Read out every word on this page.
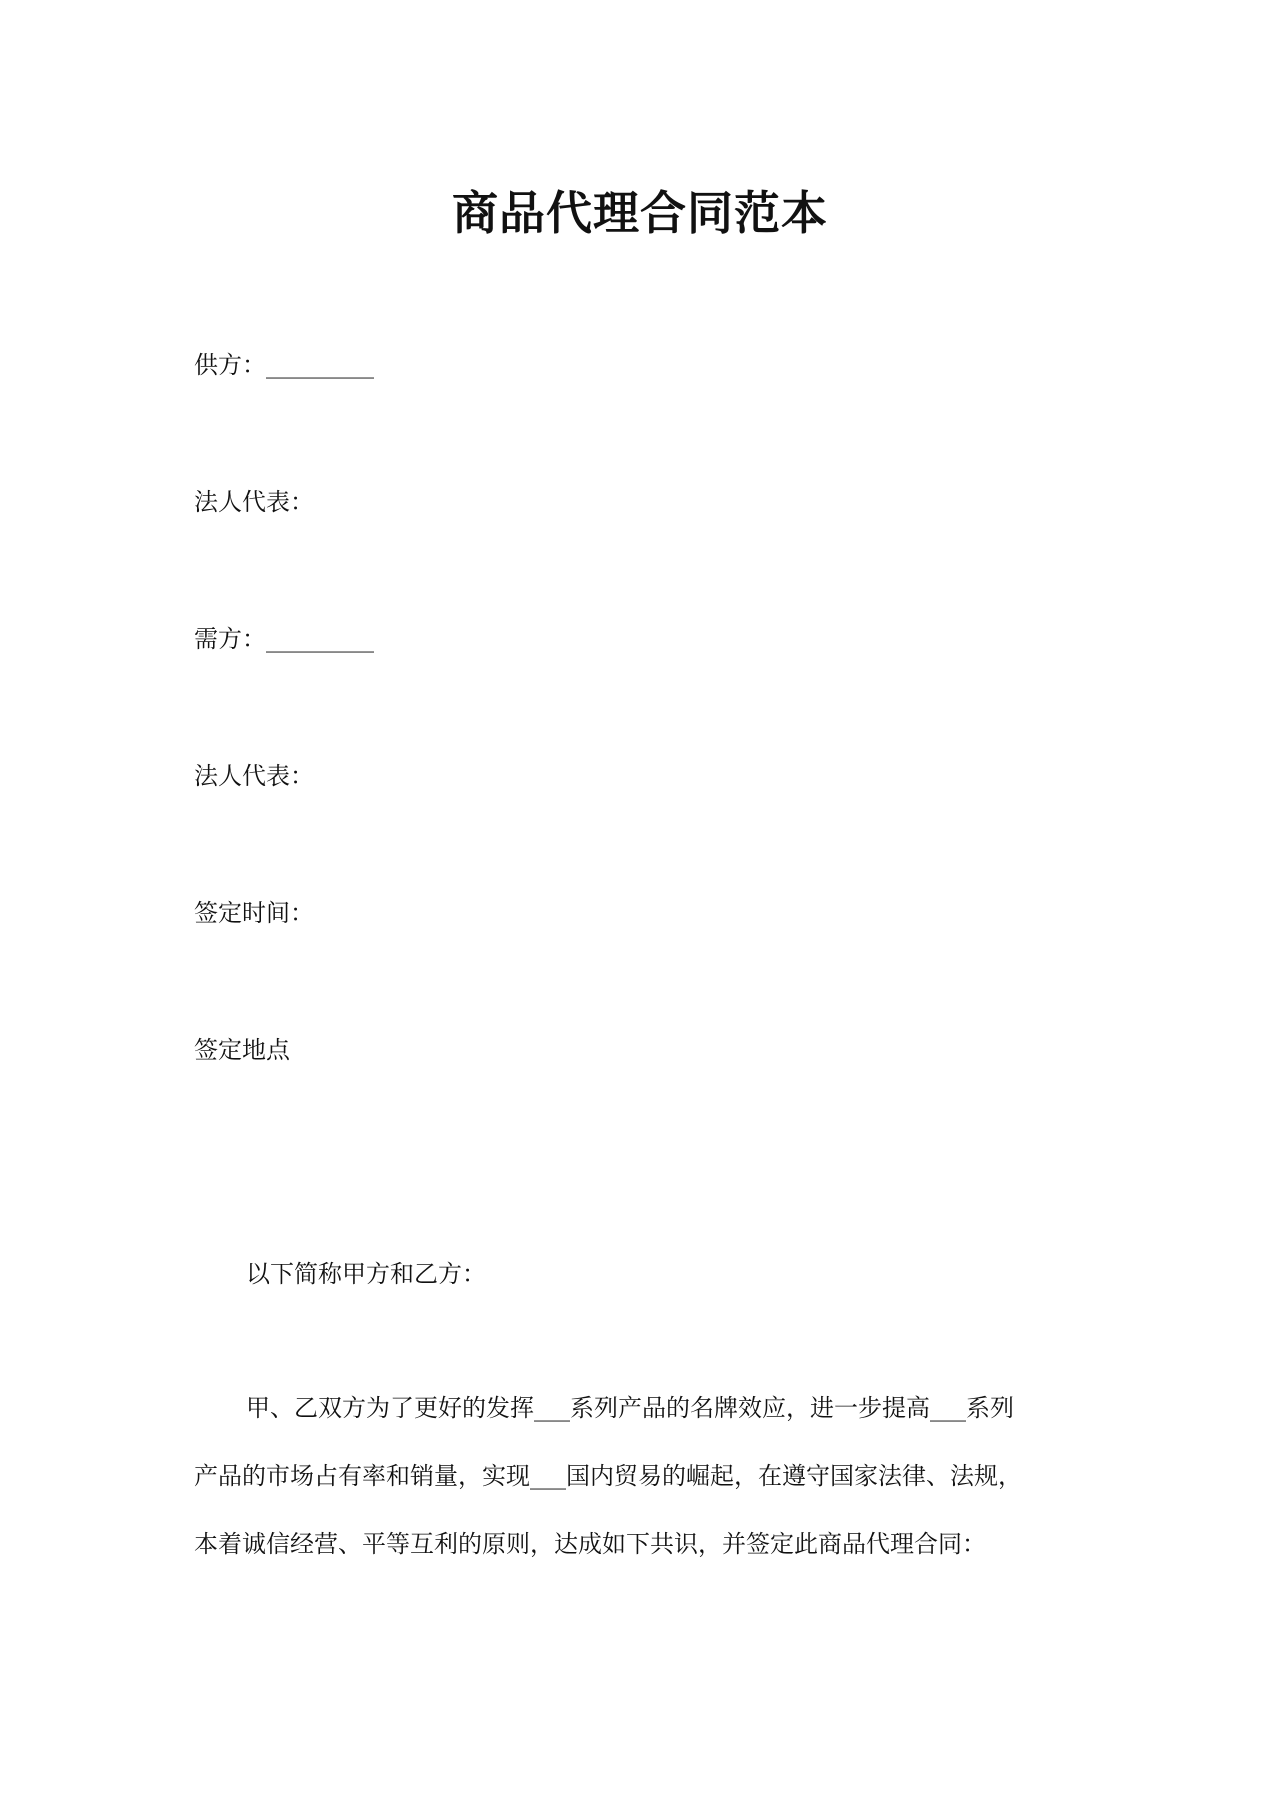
商品代理合同范本
供方：_________
法人代表：
需方：_________
法人代表：
签定时间：
签定地点

以下简称甲方和乙方：

甲、乙双方为了更好的发挥___系列产品的名牌效应，进一步提高___系列
产品的市场占有率和销量，实现___国内贸易的崛起，在遵守国家法律、法规，
本着诚信经营、平等互利的原则，达成如下共识，并签定此商品代理合同：
